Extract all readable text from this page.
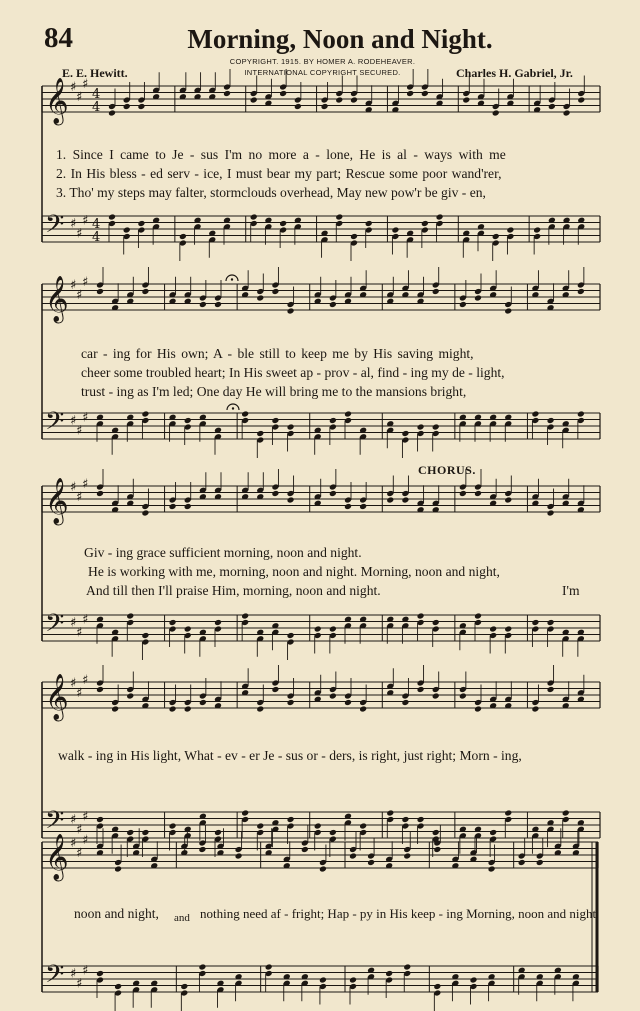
84	Morning, Noon and Night.
E. E. Hewitt.
COPYRIGHT. 1915. BY HOMER A. RODEHEAVER.
INTERNATIONAL COPYRIGHT SECURED.	Charles H. Gabriel, Jr.
CHORUS.
𝄞 ♯
♯
♯
4
4
𝄢 ♯
♯
♯ 4
4
𝄞 ♯
♯
♯
𝄢 ♯
♯
♯
𝄞 ♯
♯
♯
𝄢 ♯
♯
♯
𝄞 ♯
♯
♯
𝄢 ♯
♯
♯
𝄞 ♯
♯
♯
𝄢 ♯
♯
♯
1. Since I came to Je - sus I'm no more a - lone, He is al - ways with me
2. In His bless - ed serv - ice, I must bear my part; Rescue some poor wand'rer,
3. Tho' my steps may falter, stormclouds overhead, May new pow'r be giv - en,
car - ing for His own; A - ble still to keep me by His saving might,
cheer some troubled heart; In His sweet ap - prov - al, find - ing my de - light,
trust - ing as I'm led; One day He will bring me to the mansions bright,
Giv - ing grace sufficient morning, noon and night.
He is working with me, morning, noon and night. Morning, noon and night,
And till then I'll praise Him, morning, noon and night.	I'm
walk - ing in His light, What - ev - er Je - sus or - ders, is right, just right; Morn - ing,
noon and night, and nothing need af - fright; Hap - py in His keep - ing Morning, noon and night.
